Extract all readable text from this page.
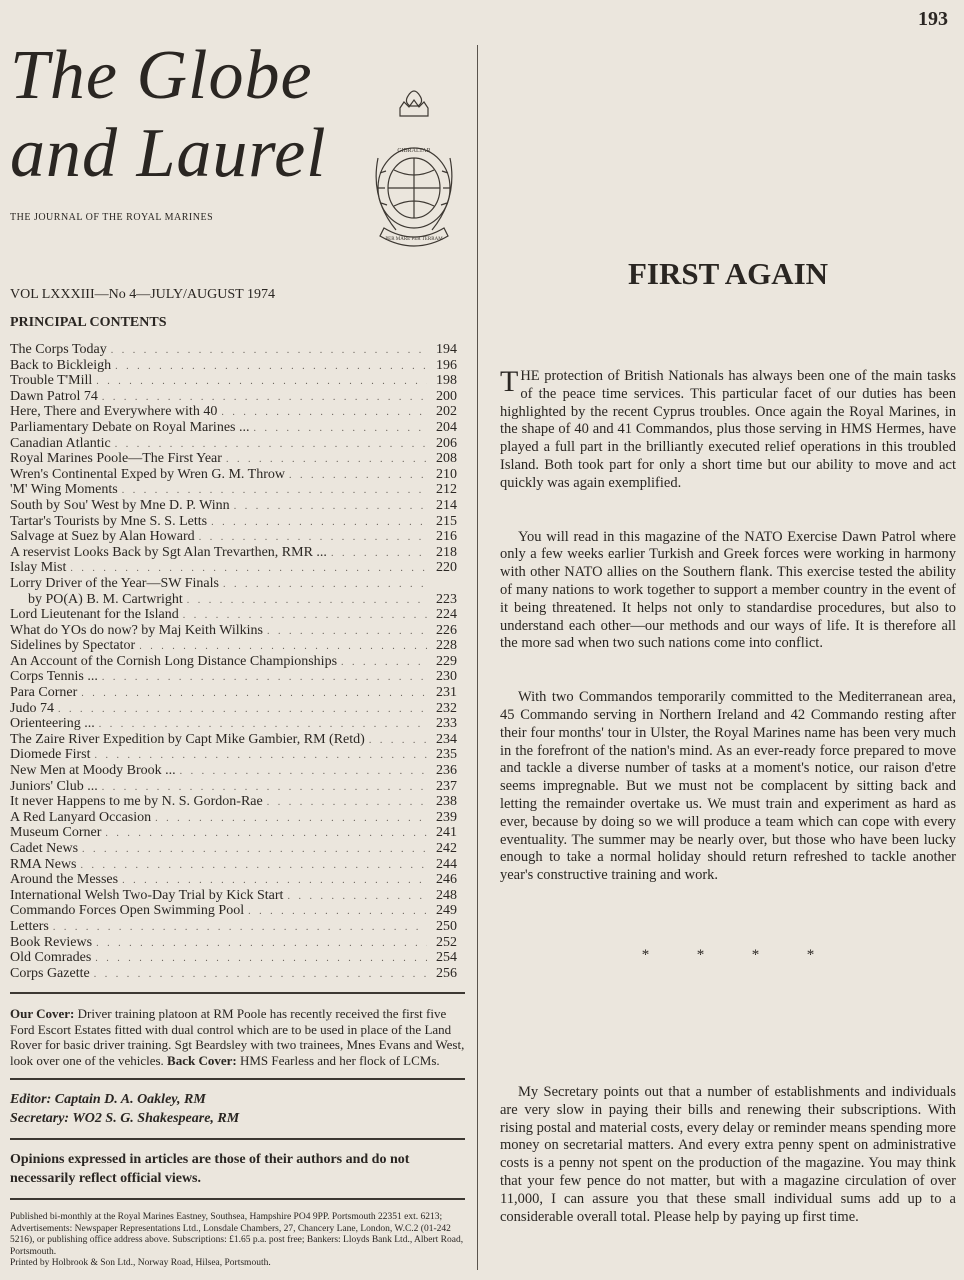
193
The Globe
and Laurel
THE JOURNAL OF THE ROYAL MARINES
VOL LXXXIII—No 4—JULY/AUGUST 1974
PRINCIPAL CONTENTS
The Corps Today . . .	194
Back to Bickleigh . . .	196
Trouble T'Mill . . .	198
Dawn Patrol 74 . . .	200
Here, There and Everywhere with 40 . . .	202
Parliamentary Debate on Royal Marines ... . . .	204
Canadian Atlantic . . .	206
Royal Marines Poole—The First Year . . .	208
Wren's Continental Exped by Wren G. M. Throw . . .	210
'M' Wing Moments . . .	212
South by Sou' West by Mne D. P. Winn . . .	214
Tartar's Tourists by Mne S. S. Letts . . .	215
Salvage at Suez by Alan Howard . . .	216
A reservist Looks Back by Sgt Alan Trevarthen, RMR ... . . .	218
Islay Mist . . .	220
Lorry Driver of the Year—SW Finals
. . .
by PO(A) B. M. Cartwright . . .	223
Lord Lieutenant for the Island . . .	224
What do YOs do now? by Maj Keith Wilkins . . .	226
Sidelines by Spectator . . .	228
An Account of the Cornish Long Distance Championships . . .	229
Corps Tennis ... . . .	230
Para Corner . . .	231
Judo 74 . . .	232
Orienteering ... . . .	233
The Zaire River Expedition by Capt Mike Gambier, RM (Retd) . . .	234
Diomede First . . .	235
New Men at Moody Brook ... . . .	236
Juniors' Club ... . . .	237
It never Happens to me by N. S. Gordon-Rae . . .	238
A Red Lanyard Occasion . . .	239
Museum Corner . . .	241
Cadet News . . .	242
RMA News . . .	244
Around the Messes . . .	246
International Welsh Two-Day Trial by Kick Start . . .	248
Commando Forces Open Swimming Pool . . .	249
Letters . . .	250
Book Reviews . . .	252
Old Comrades . . .	254
Corps Gazette . . .	256
Our Cover: Driver training platoon at RM Poole has recently received the first five Ford Escort Estates fitted with dual control which are to be used in place of the Land Rover for basic driver training. Sgt Beardsley with two trainees, Mnes Evans and West, look over one of the vehicles. Back Cover: HMS Fearless and her flock of LCMs.
Editor: Captain D. A. Oakley, RM
Secretary: WO2 S. G. Shakespeare, RM
Opinions expressed in articles are those of their authors and do not necessarily reflect official views.
Published bi-monthly at the Royal Marines Eastney, Southsea, Hampshire PO4 9PP. Portsmouth 22351 ext. 6213; Advertisements: Newspaper Representations Ltd., Lonsdale Chambers, 27, Chancery Lane, London, W.C.2 (01-242 5216), or publishing office address above. Subscriptions: £1.65 p.a. post free; Bankers: Lloyds Bank Ltd., Albert Road, Portsmouth.
Printed by Holbrook & Son Ltd., Norway Road, Hilsea, Portsmouth.
GIBRALTAR
PER MARE PER TERRAM
FIRST AGAIN

THE protection of British Nationals has always been one of the main tasks of the peace time services. This particular facet of our duties has been highlighted by the recent Cyprus troubles. Once again the Royal Marines, in the shape of 40 and 41 Commandos, plus those serving in HMS Hermes, have played a full part in the brilliantly executed relief operations in this troubled Island. Both took part for only a short time but our ability to move and act quickly was again exemplified.

You will read in this magazine of the NATO Exercise Dawn Patrol where only a few weeks earlier Turkish and Greek forces were working in harmony with other NATO allies on the Southern flank. This exercise tested the ability of many nations to work together to support a member country in the event of it being threatened. It helps not only to standardise procedures, but also to understand each other—our methods and our ways of life. It is therefore all the more sad when two such nations come into conflict.

With two Commandos temporarily committed to the Mediterranean area, 45 Commando serving in Northern Ireland and 42 Commando resting after their four months' tour in Ulster, the Royal Marines name has been very much in the forefront of the nation's mind. As an ever-ready force prepared to move and tackle a diverse number of tasks at a moment's notice, our raison d'etre seems impregnable. But we must not be complacent by sitting back and letting the remainder overtake us. We must train and experiment as hard as ever, because by doing so we will produce a team which can cope with every eventuality. The summer may be nearly over, but those who have been lucky enough to take a normal holiday should return refreshed to tackle another year's constructive training and work.

*	*	*	*

My Secretary points out that a number of establishments and individuals are very slow in paying their bills and renewing their subscriptions. With rising postal and material costs, every delay or reminder means spending more money on secretarial matters. And every extra penny spent on administrative costs is a penny not spent on the production of the magazine. You may think that your few pence do not matter, but with a magazine circulation of over 11,000, I can assure you that these small individual sums add up to a considerable overall total. Please help by paying up first time.
